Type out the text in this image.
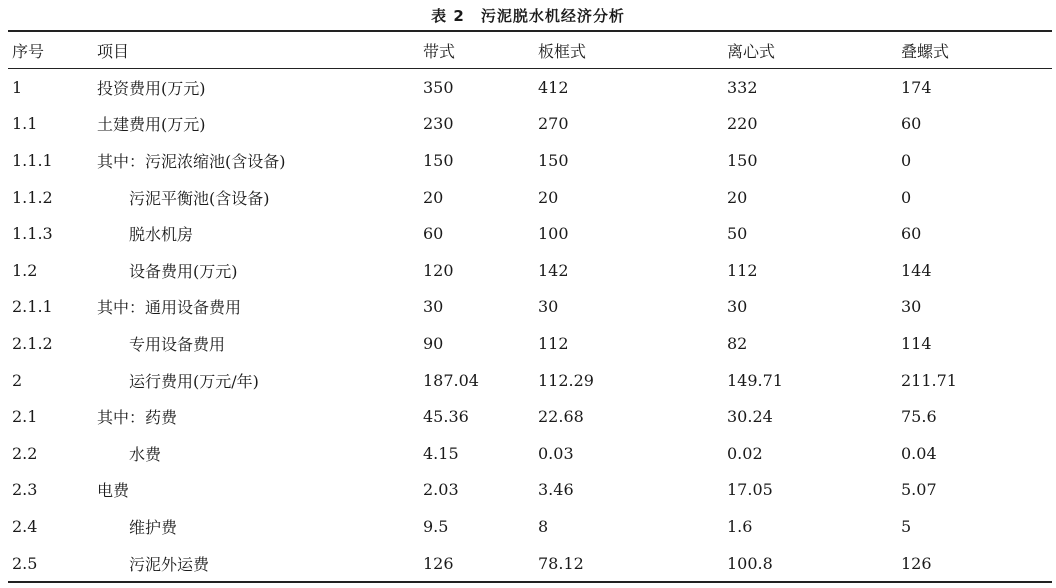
表 2　污泥脱水机经济分析
序号	项目	带式	板框式	离心式	叠螺式
1	投资费用(万元)	350	412	332	174
1.1	土建费用(万元)	230	270	220	60
1.1.1	其中：污泥浓缩池(含设备)	150	150	150	0
1.1.2	污泥平衡池(含设备)	20	20	20	0
1.1.3	脱水机房	60	100	50	60
1.2	设备费用(万元)	120	142	112	144
2.1.1	其中：通用设备费用	30	30	30	30
2.1.2	专用设备费用	90	112	82	114
2	运行费用(万元/年)	187.04	112.29	149.71	211.71
2.1	其中：药费	45.36	22.68	30.24	75.6
2.2	水费	4.15	0.03	0.02	0.04
2.3	电费	2.03	3.46	17.05	5.07
2.4	维护费	9.5	8	1.6	5
2.5	污泥外运费	126	78.12	100.8	126
